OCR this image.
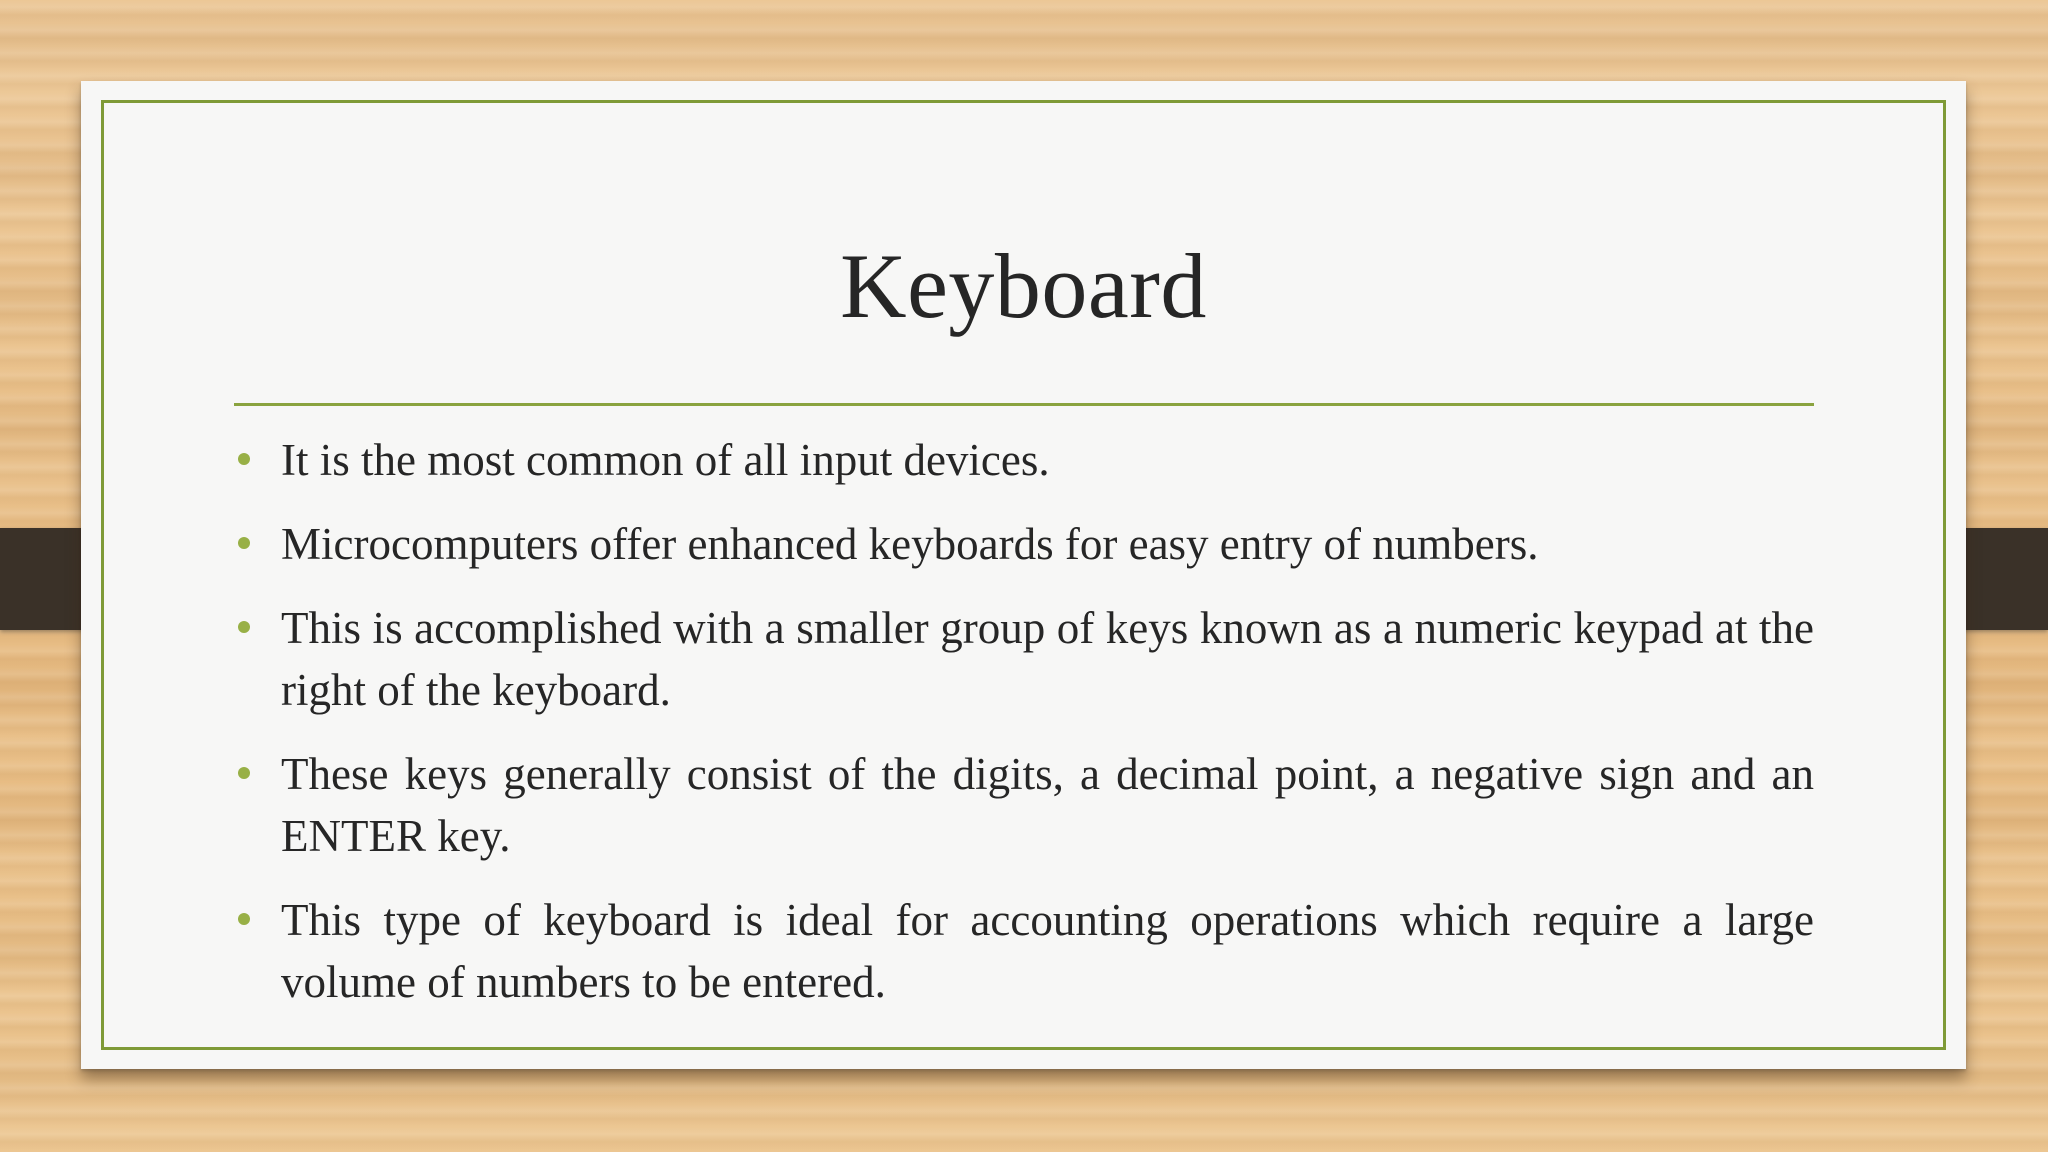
Keyboard
It is the most common of all input devices.
Microcomputers offer enhanced keyboards for easy entry of numbers.
This is accomplished with a smaller group of keys known as a numeric keypad at the right of the keyboard.
These keys generally consist of the digits, a decimal point, a negative sign and an ENTER key.
This type of keyboard is ideal for accounting operations which require a large volume of numbers to be entered.
